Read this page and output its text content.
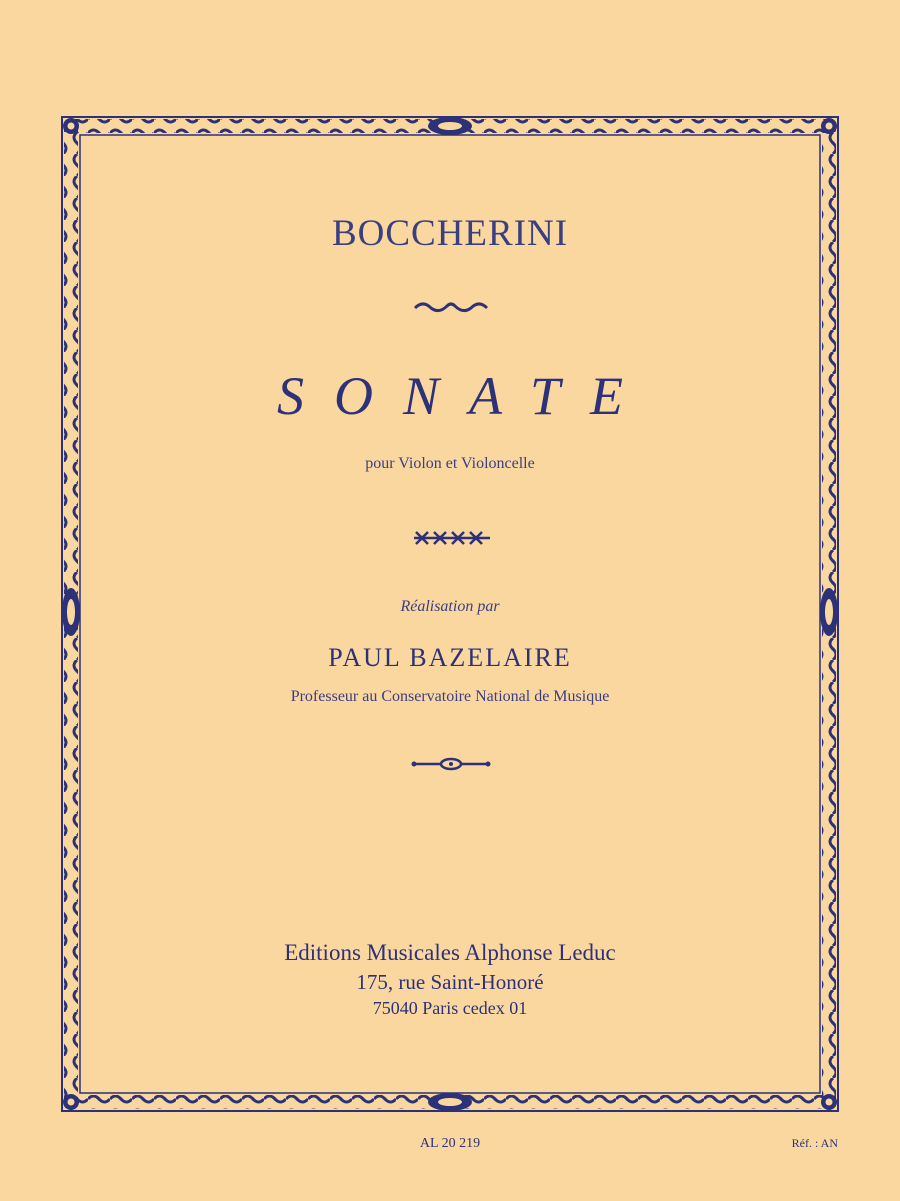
BOCCHERINI
SONATE
pour Violon et Violoncelle
Réalisation par
PAUL BAZELAIRE
Professeur au Conservatoire National de Musique
Editions Musicales Alphonse Leduc
175, rue Saint-Honoré
75040 Paris cedex 01
AL 20 219	Réf. : AN
